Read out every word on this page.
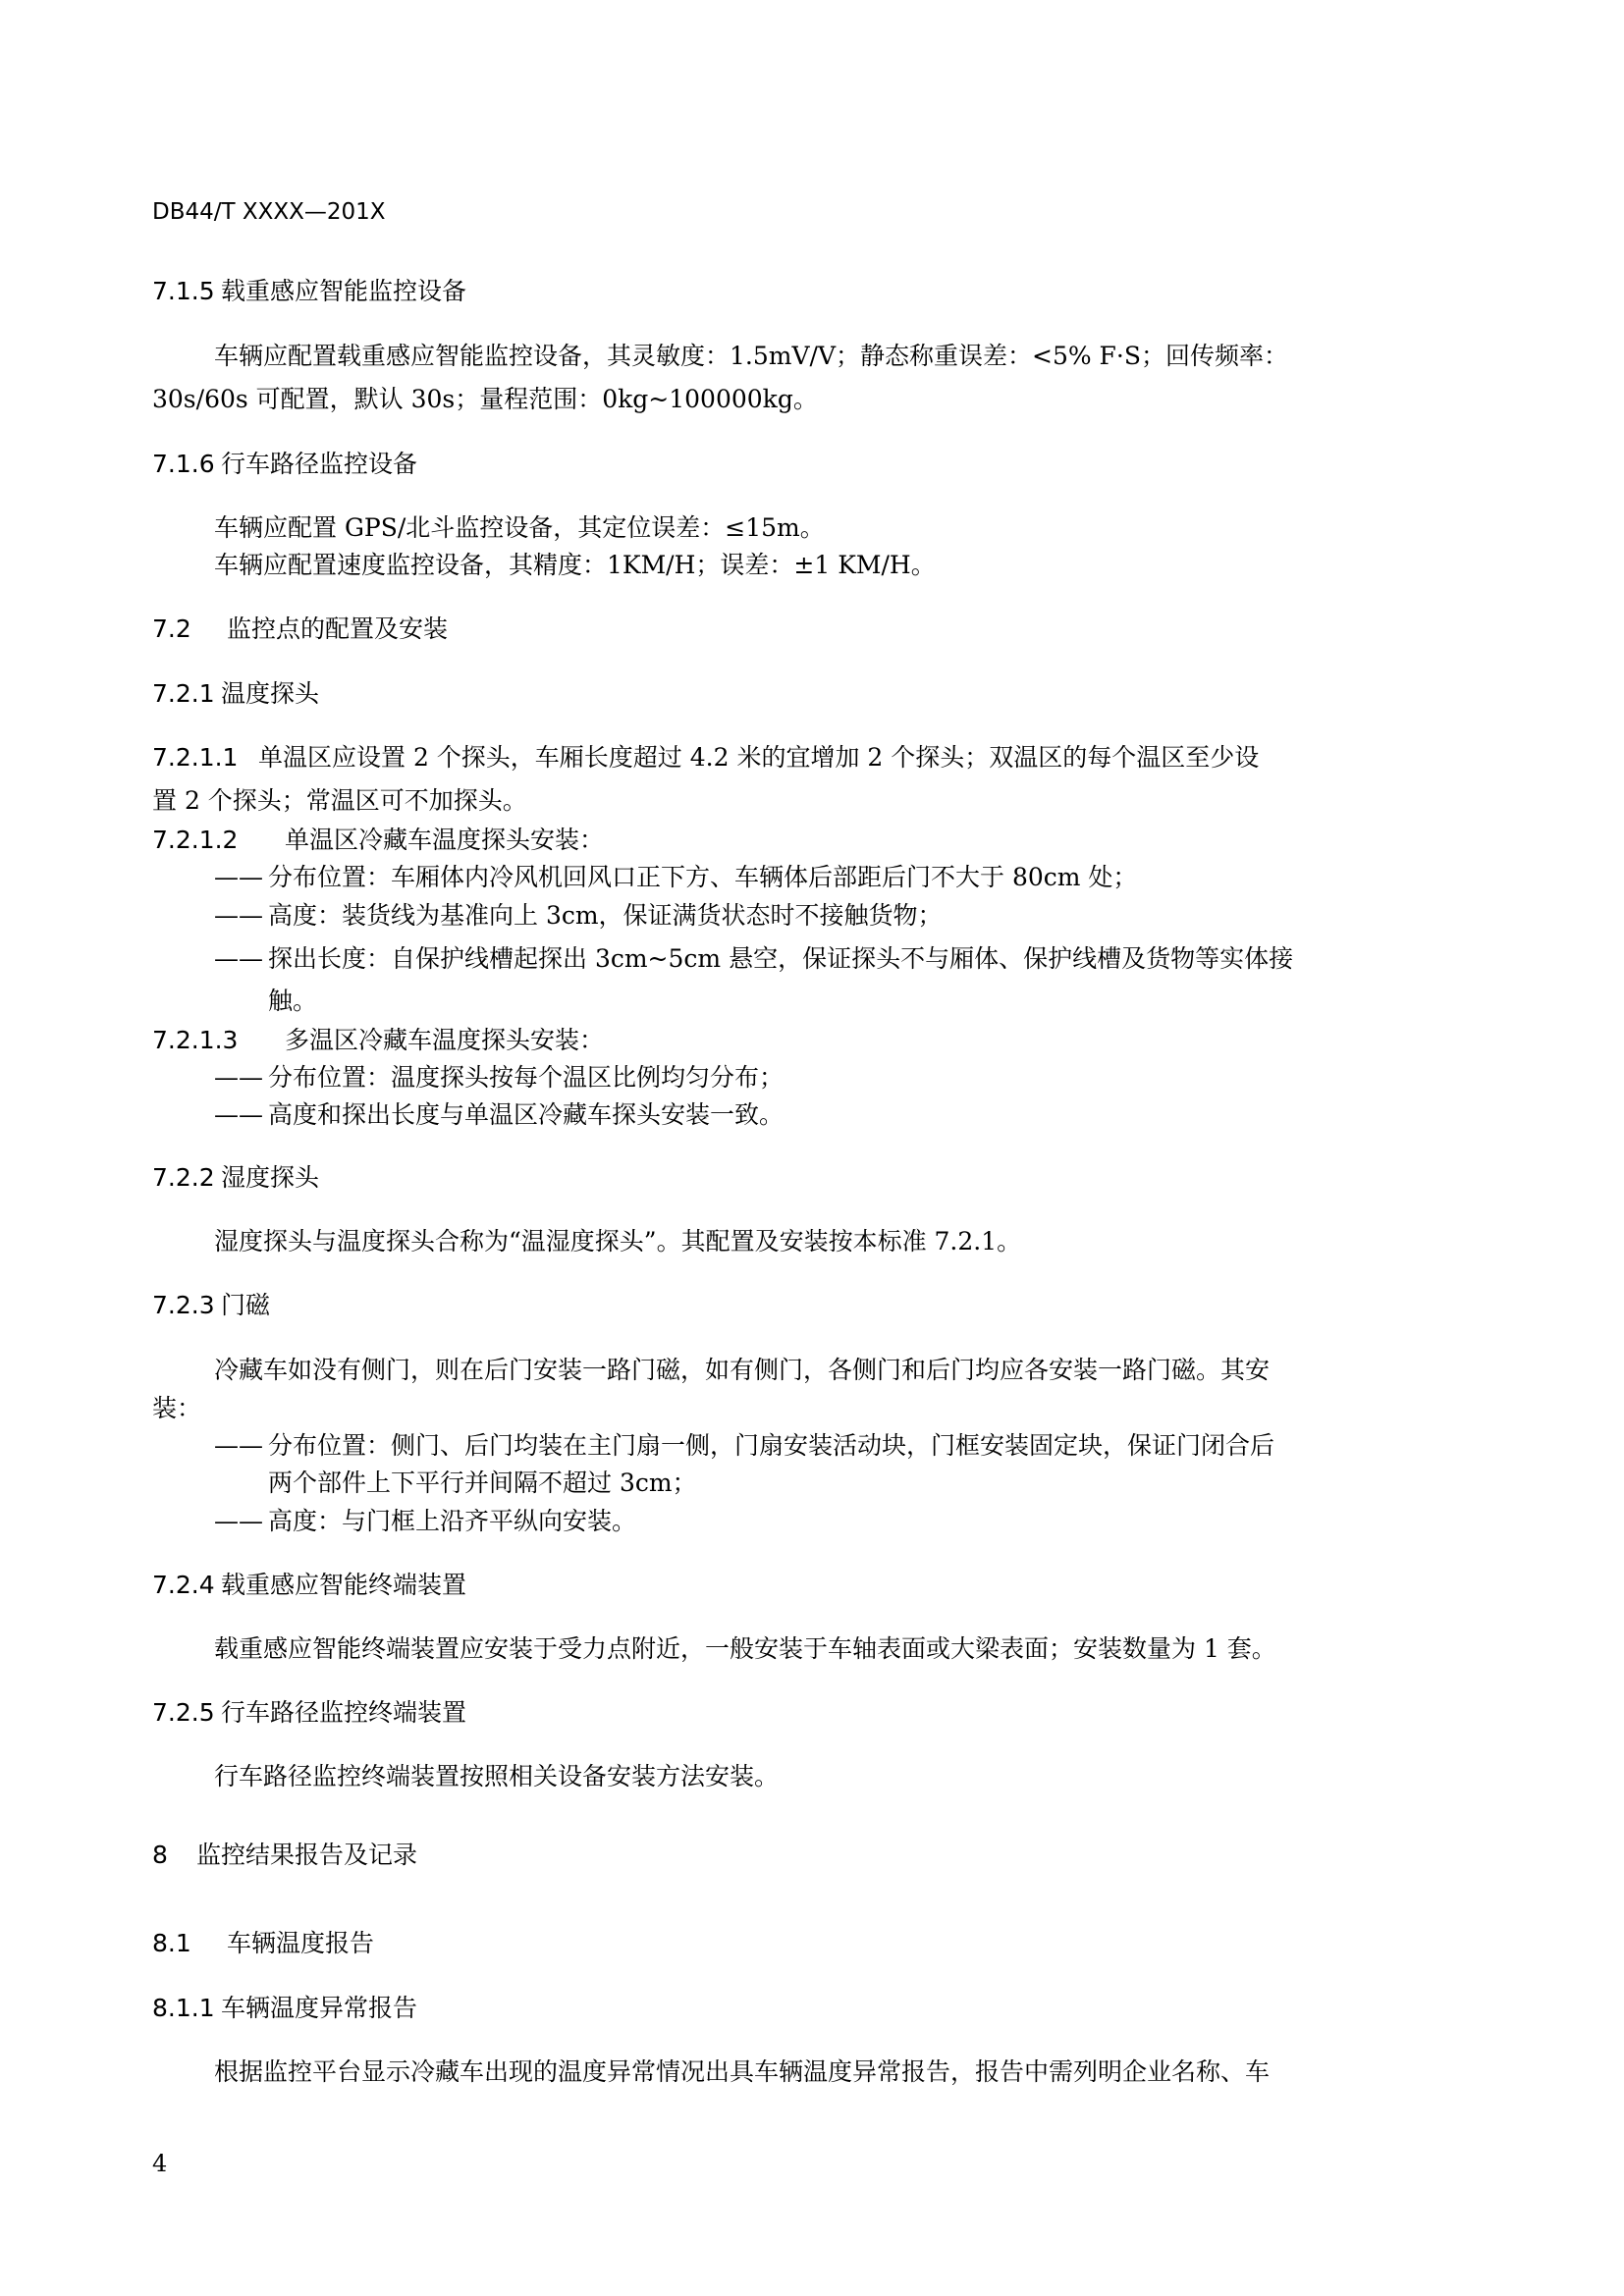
DB44/T XXXX—201X
7.1.5 载重感应智能监控设备
车辆应配置载重感应智能监控设备，其灵敏度：1.5mV/V；静态称重误差：<5% F·S；回传频率：
30s/60s 可配置，默认 30s；量程范围：0kg~100000kg。
7.1.6 行车路径监控设备
车辆应配置 GPS/北斗监控设备，其定位误差：≤15m。
车辆应配置速度监控设备，其精度：1KM/H；误差：±1 KM/H。
7.2 监控点的配置及安装
7.2.1 温度探头
7.2.1.1 单温区应设置 2 个探头，车厢长度超过 4.2 米的宜增加 2 个探头；双温区的每个温区至少设
置 2 个探头；常温区可不加探头。
7.2.1.2 单温区冷藏车温度探头安装：
—— 分布位置：车厢体内冷风机回风口正下方、车辆体后部距后门不大于 80cm 处；
—— 高度：装货线为基准向上 3cm，保证满货状态时不接触货物；
—— 探出长度：自保护线槽起探出 3cm~5cm 悬空，保证探头不与厢体、保护线槽及货物等实体接
触。
7.2.1.3 多温区冷藏车温度探头安装：
—— 分布位置：温度探头按每个温区比例均匀分布；
—— 高度和探出长度与单温区冷藏车探头安装一致。
7.2.2 湿度探头
湿度探头与温度探头合称为“温湿度探头”。其配置及安装按本标准 7.2.1。
7.2.3 门磁
冷藏车如没有侧门，则在后门安装一路门磁，如有侧门，各侧门和后门均应各安装一路门磁。其安
装：
—— 分布位置：侧门、后门均装在主门扇一侧，门扇安装活动块，门框安装固定块，保证门闭合后
两个部件上下平行并间隔不超过 3cm；
—— 高度：与门框上沿齐平纵向安装。
7.2.4 载重感应智能终端装置
载重感应智能终端装置应安装于受力点附近，一般安装于车轴表面或大梁表面；安装数量为 1 套。
7.2.5 行车路径监控终端装置
行车路径监控终端装置按照相关设备安装方法安装。
8 监控结果报告及记录
8.1 车辆温度报告
8.1.1 车辆温度异常报告
根据监控平台显示冷藏车出现的温度异常情况出具车辆温度异常报告，报告中需列明企业名称、车
4
